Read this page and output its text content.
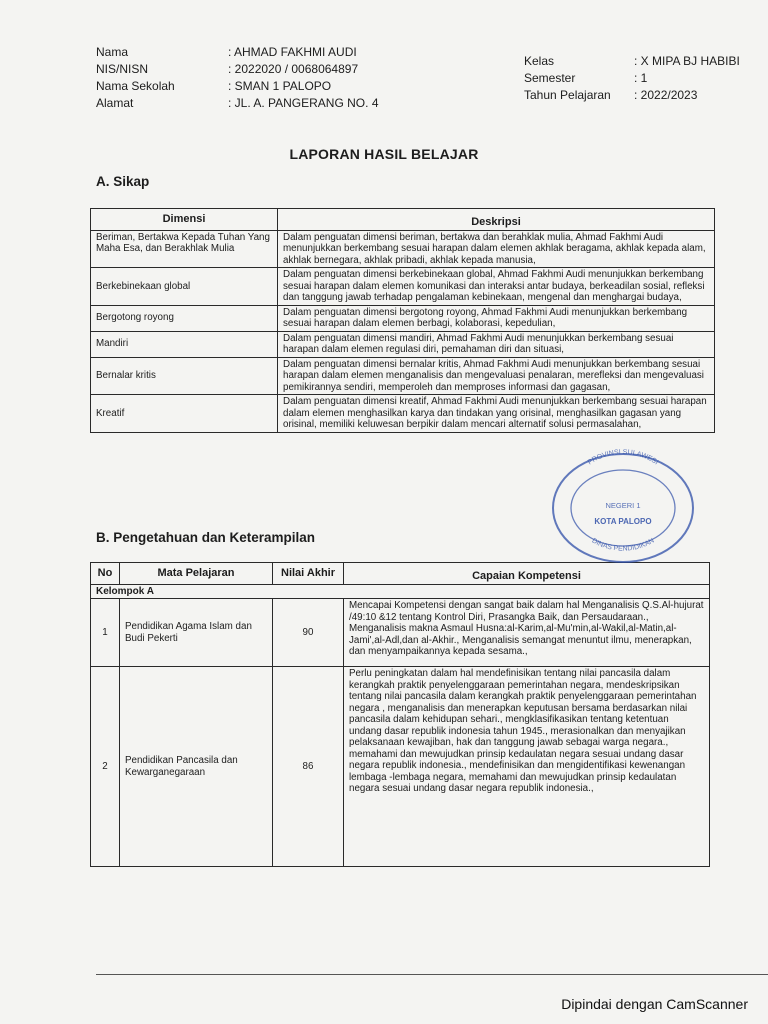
Nama	: AHMAD FAKHMI AUDI
NIS/NISN	: 2022020 / 0068064897
Nama Sekolah	: SMAN 1 PALOPO
Alamat	: JL. A. PANGERANG NO. 4
Kelas	: X MIPA BJ HABIBI
Semester	: 1
Tahun Pelajaran	: 2022/2023
LAPORAN HASIL BELAJAR
A. Sikap
Dimensi	Deskripsi
Beriman, Bertakwa Kepada Tuhan Yang Maha Esa, dan Berakhlak Mulia	Dalam penguatan dimensi beriman, bertakwa dan berahklak mulia, Ahmad Fakhmi Audi menunjukkan berkembang sesuai harapan dalam elemen akhlak beragama, akhlak kepada alam, akhlak bernegara, akhlak pribadi, akhlak kepada manusia,
Berkebinekaan global	Dalam penguatan dimensi berkebinekaan global, Ahmad Fakhmi Audi menunjukkan berkembang sesuai harapan dalam elemen komunikasi dan interaksi antar budaya, berkeadilan sosial, refleksi dan tanggung jawab terhadap pengalaman kebinekaan, mengenal dan menghargai budaya,
Bergotong royong	Dalam penguatan dimensi bergotong royong, Ahmad Fakhmi Audi menunjukkan berkembang sesuai harapan dalam elemen berbagi, kolaborasi, kepedulian,
Mandiri	Dalam penguatan dimensi mandiri, Ahmad Fakhmi Audi menunjukkan berkembang sesuai harapan dalam elemen regulasi diri, pemahaman diri dan situasi,
Bernalar kritis	Dalam penguatan dimensi bernalar kritis, Ahmad Fakhmi Audi menunjukkan berkembang sesuai harapan dalam elemen menganalisis dan mengevaluasi penalaran, merefleksi dan mengevaluasi pemikirannya sendiri, memperoleh dan memproses informasi dan gagasan,
Kreatif	Dalam penguatan dimensi kreatif, Ahmad Fakhmi Audi menunjukkan berkembang sesuai harapan dalam elemen menghasilkan karya dan tindakan yang orisinal, menghasilkan gagasan yang orisinal, memiliki keluwesan berpikir dalam mencari alternatif solusi permasalahan,
B. Pengetahuan dan Keterampilan
No	Mata Pelajaran	Nilai Akhir	Capaian Kompetensi
Kelompok A			
1	Pendidikan Agama Islam dan Budi Pekerti	90	Mencapai Kompetensi dengan sangat baik dalam hal Menganalisis Q.S.Al-hujurat /49:10 &12 tentang Kontrol Diri, Prasangka Baik, dan Persaudaraan., Menganalisis makna Asmaul Husna:al-Karim,al-Mu'min,al-Wakil,al-Matin,al-Jami',al-Adl,dan al-Akhir., Menganalisis semangat menuntut ilmu, menerapkan, dan menyampaikannya kepada sesama.,
2	Pendidikan Pancasila dan Kewarganegaraan	86	Perlu peningkatan dalam hal mendefinisikan tentang nilai pancasila dalam kerangkah praktik penyelenggaraan pemerintahan negara, mendeskripsikan tentang nilai pancasila dalam kerangkah praktik penyelenggaraan pemerintahan negara , menganalisis dan menerapkan keputusan bersama berdasarkan nilai pancasila dalam kehidupan sehari., mengklasifikasikan tentang ketentuan undang dasar republik indonesia tahun 1945., merasionalkan dan menyajikan pelaksanaan kewajiban, hak dan tanggung jawab sebagai warga negara., memahami dan mewujudkan prinsip kedaulatan negara sesuai undang dasar negara republik indonesia., mendefinisikan dan mengidentifikasi kewenangan lembaga -lembaga negara, memahami dan mewujudkan prinsip kedaulatan negara sesuai undang dasar negara republik indonesia.,
PROVINSI SULAWESI
DINAS PENDIDIKAN
NEGERI 1
KOTA PALOPO
Dipindai dengan CamScanner
